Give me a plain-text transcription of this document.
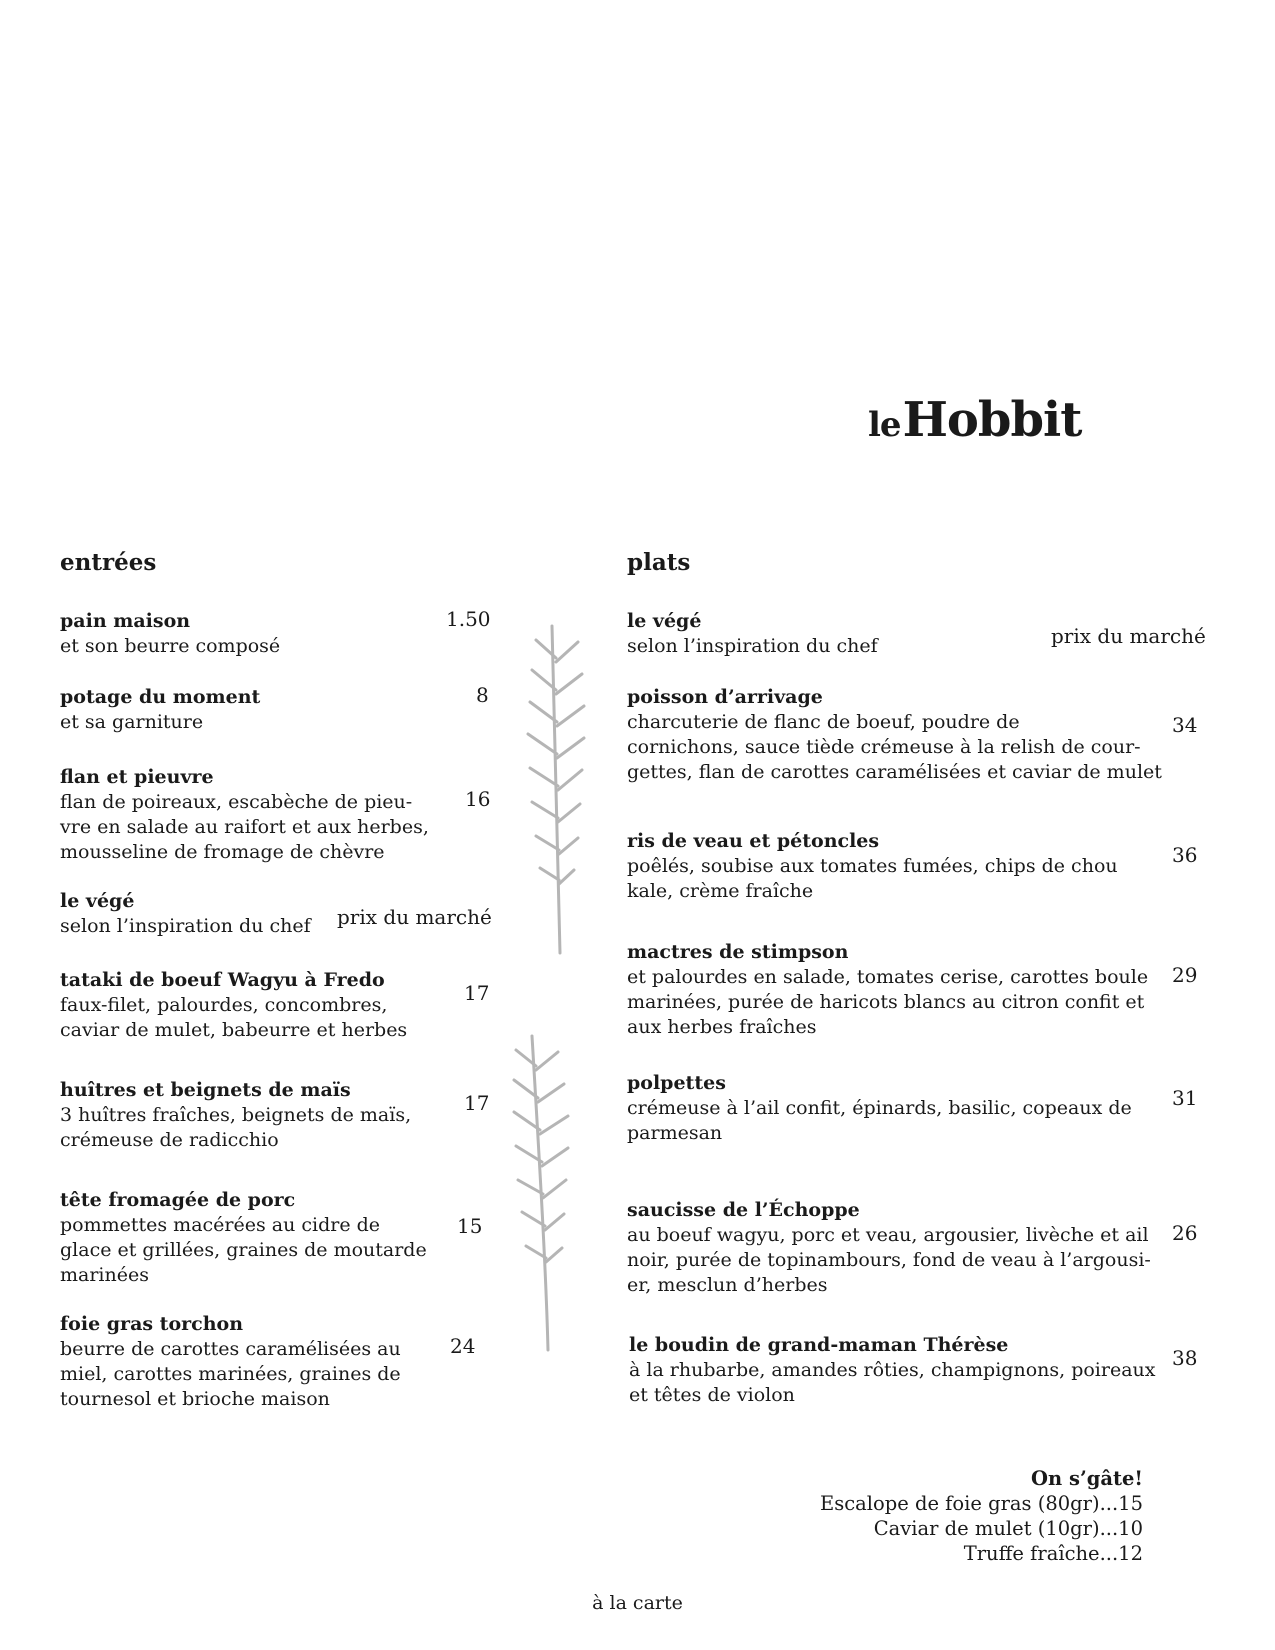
le Hobbit
entrées
pain maison
et son beurre composé
1.50
potage du moment
et sa garniture
8
flan et pieuvre
flan de poireaux, escabèche de pieu-
vre en salade au raifort et aux herbes,
mousseline de fromage de chèvre
16
le végé
selon l’inspiration du chef prix du marché
tataki de boeuf Wagyu à Fredo
faux-filet, palourdes, concombres,
caviar de mulet, babeurre et herbes
17
huîtres et beignets de maïs
3 huîtres fraîches, beignets de maïs,
crémeuse de radicchio
17
tête fromagée de porc
pommettes macérées au cidre de
glace et grillées, graines de moutarde
marinées
15
foie gras torchon
beurre de carottes caramélisées au
miel, carottes marinées, graines de
tournesol et brioche maison
24
plats
le végé
selon l’inspiration du chef	prix du marché
poisson d’arrivage
charcuterie de flanc de boeuf, poudre de
cornichons, sauce tiède crémeuse à la relish de cour-
gettes, flan de carottes caramélisées et caviar de mulet
34
ris de veau et pétoncles
poêlés, soubise aux tomates fumées, chips de chou
kale, crème fraîche
36
mactres de stimpson
et palourdes en salade, tomates cerise, carottes boule
marinées, purée de haricots blancs au citron confit et
aux herbes fraîches
29
polpettes
crémeuse à l’ail confit, épinards, basilic, copeaux de
parmesan
31
saucisse de l’Échoppe
au boeuf wagyu, porc et veau, argousier, livèche et ail
noir, purée de topinambours, fond de veau à l’argousi-
er, mesclun d’herbes
26
le boudin de grand-maman Thérèse
à la rhubarbe, amandes rôties, champignons, poireaux
et têtes de violon
38
On s’gâte!
Escalope de foie gras (80gr)...15
Caviar de mulet (10gr)...10
Truffe fraîche...12
à la carte
